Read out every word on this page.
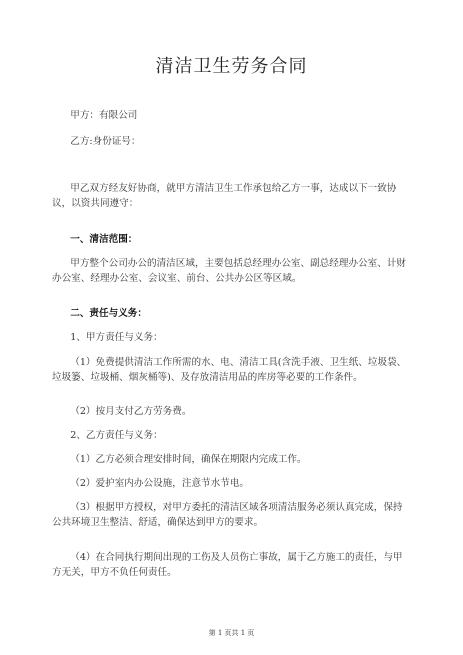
清洁卫生劳务合同

甲方：有限公司

乙方:身份证号：

甲乙双方经友好协商，就甲方清洁卫生工作承包给乙方一事，达成以下一致协议，以资共同遵守：

一、清洁范围：

甲方整个公司办公的清洁区域，主要包括总经理办公室、副总经理办公室、计财办公室、经理办公室、会议室、前台、公共办公区等区域。

二、责任与义务：

1、甲方责任与义务：

（1）免费提供清洁工作所需的水、电、清洁工具(含洗手液、卫生纸、垃圾袋、垃圾篓、垃圾桶、烟灰桶等)、及存放清洁用品的库房等必要的工作条件。

（2）按月支付乙方劳务费。

2、乙方责任与义务：

（1）乙方必须合理安排时间，确保在期限内完成工作。

（2）爱护室内办公设施，注意节水节电。

（3）根据甲方授权，对甲方委托的清洁区域各项清洁服务必须认真完成，保持公共环境卫生整洁、舒适，确保达到甲方的要求。

（4）在合同执行期间出现的工伤及人员伤亡事故，属于乙方施工的责任，与甲方无关，甲方不负任何责任。

第 1 页共 1 页
